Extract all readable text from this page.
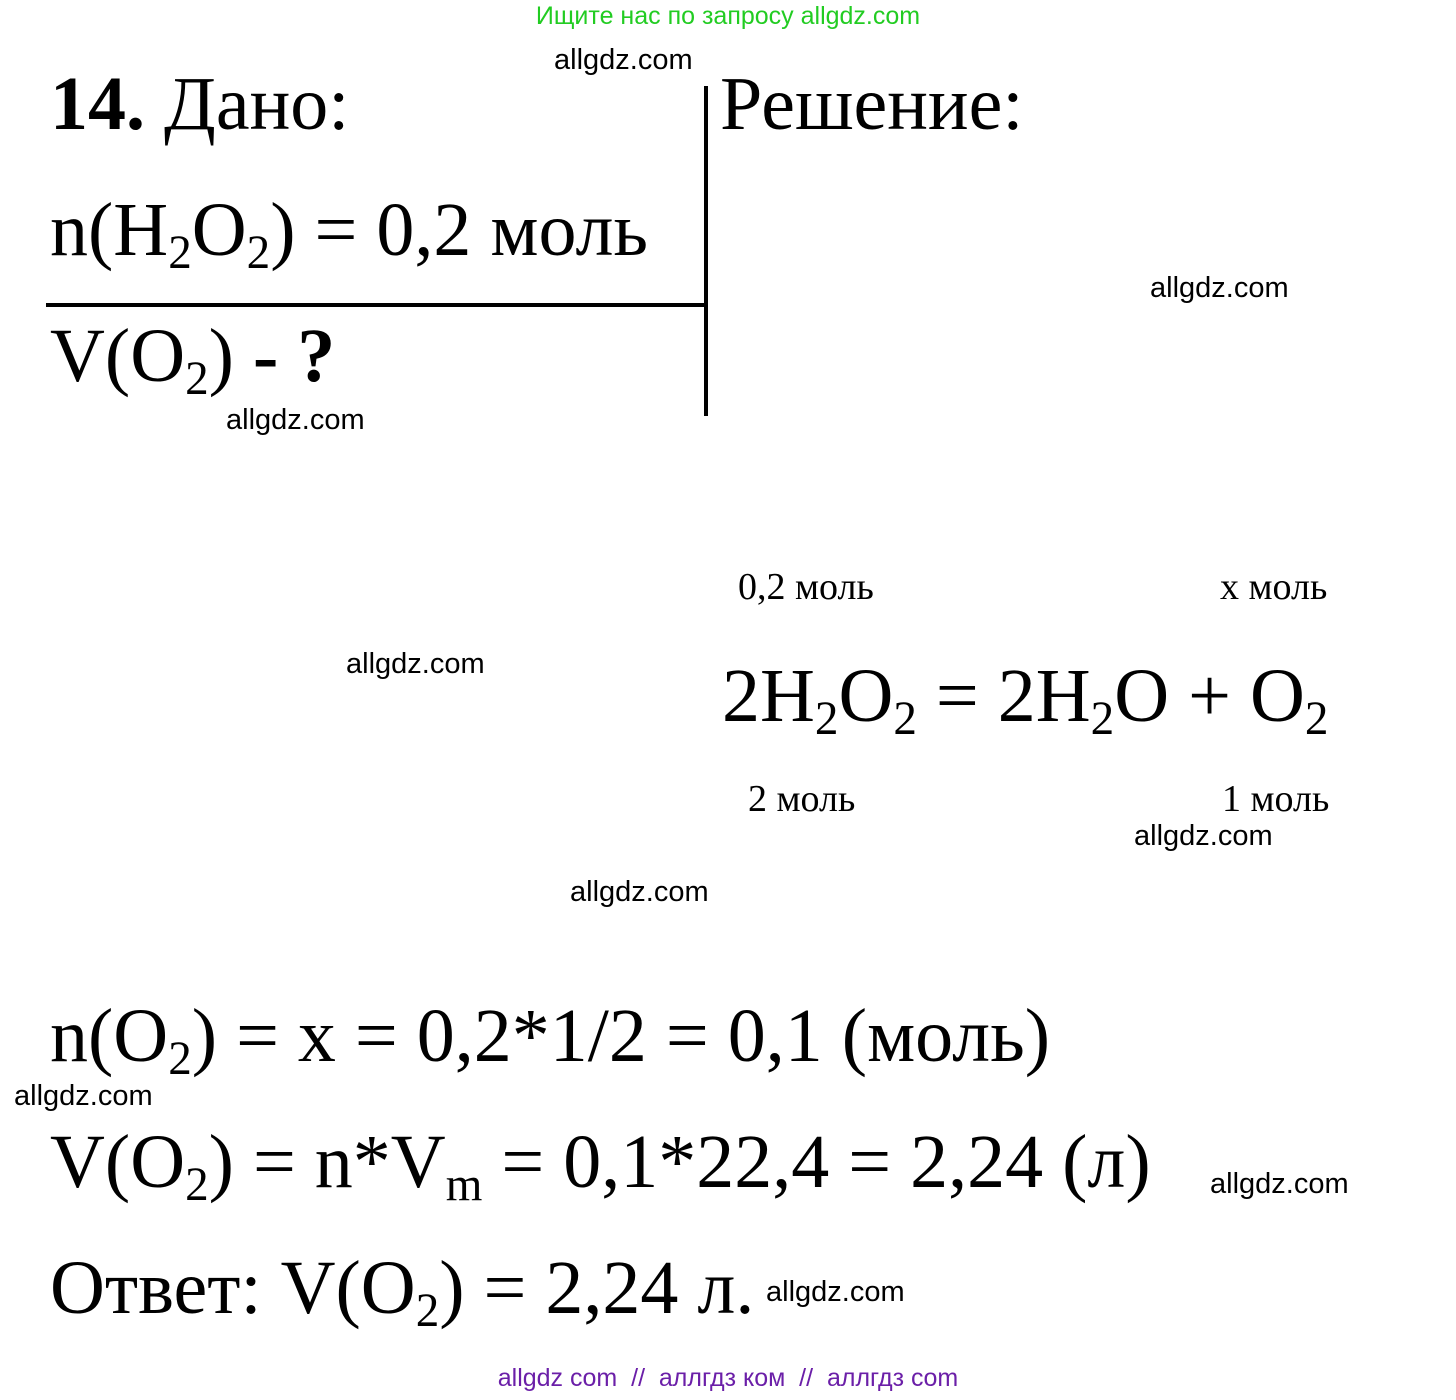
Ищите нас по запросу allgdz.com
allgdz.com
allgdz.com
allgdz.com
allgdz.com
allgdz.com
allgdz.com
allgdz.com
allgdz.com
allgdz.com
14. Дано:
n(H2O2) = 0,2 моль
V(O2) - ?
Решение:
0,2 моль	x моль
2H2O2 = 2H2O + O2
2 моль	1 моль
n(O2) = x = 0,2*1/2 = 0,1 (моль)
V(O2) = n*Vm = 0,1*22,4 = 2,24 (л)
Ответ: V(O2) = 2,24 л.
allgdz com  //  аллгдз ком  //  аллгдз com
